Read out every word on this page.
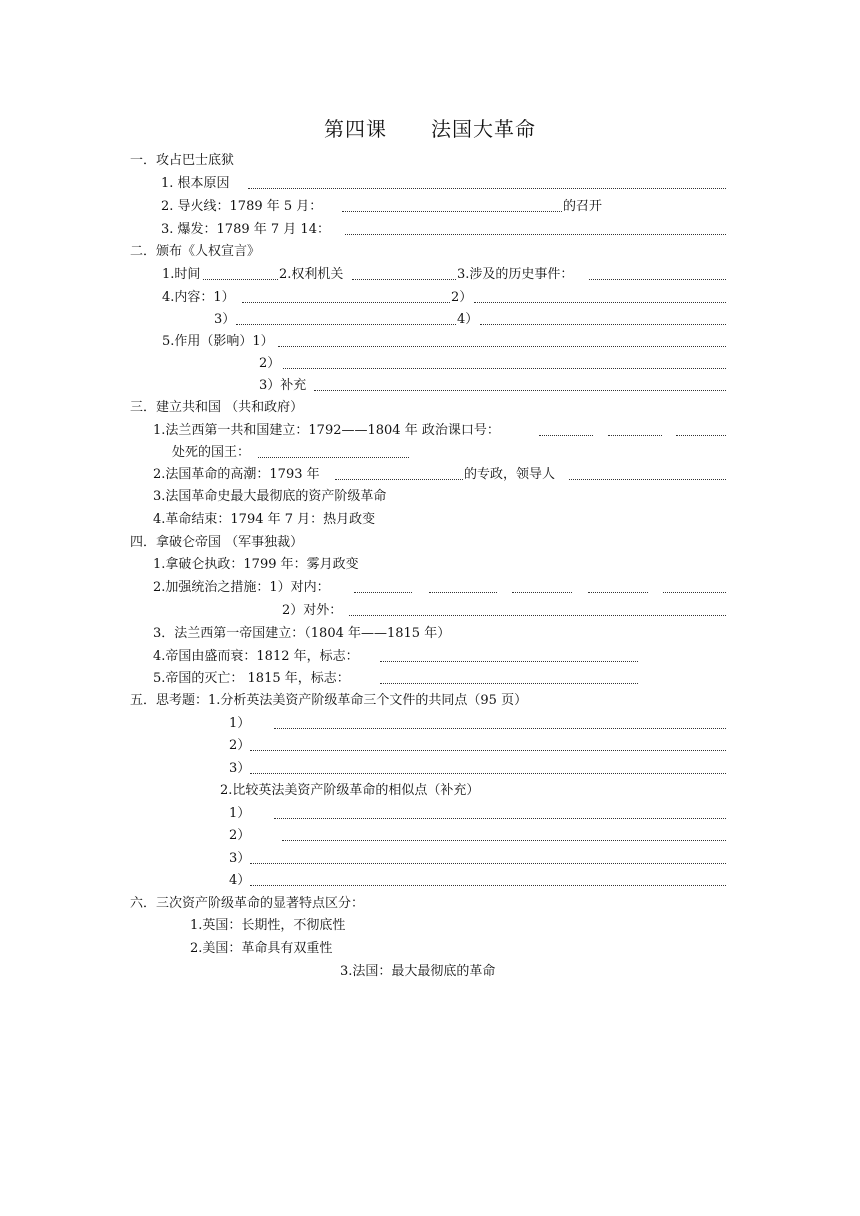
第四课 法国大革命
一．攻占巴士底狱
1. 根本原因
2. 导火线：1789 年 5 月：	的召开
3. 爆发：1789 年 7 月 14：
二．颁布《人权宣言》
1.时间	2.权利机关	3.涉及的历史事件：
4.内容：1）	2）
3）	4）
5.作用（影响）1）
2）
3）补充
三．建立共和国 （共和政府）
1.法兰西第一共和国建立：1792——1804 年 政治课口号：
处死的国王：
2.法国革命的高潮：1793 年	的专政，领导人
3.法国革命史最大最彻底的资产阶级革命
4.革命结束：1794 年 7 月：热月政变
四．拿破仑帝国 （军事独裁）
1.拿破仑执政：1799 年：雾月政变
2.加强统治之措施：1）对内：
2）对外：
3．法兰西第一帝国建立：（1804 年——1815 年）
4.帝国由盛而衰：1812 年，标志：
5.帝国的灭亡： 1815 年，标志：
五．思考题：1.分析英法美资产阶级革命三个文件的共同点（95 页）
1）
2）
3）
2.比较英法美资产阶级革命的相似点（补充）
1）
2）
3）
4）
六．三次资产阶级革命的显著特点区分：
1.英国：长期性，不彻底性
2.美国：革命具有双重性
3.法国：最大最彻底的革命
